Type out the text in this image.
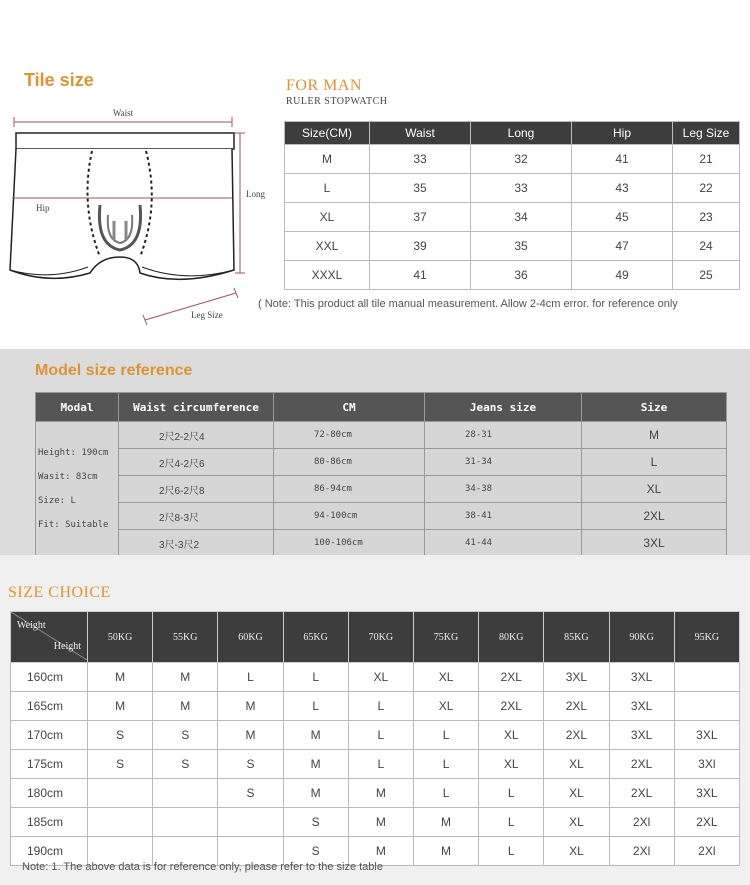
Tile size
Waist
Long
Hip
Leg Size
FOR MAN
RULER STOPWATCH
Size(CM)	Waist	Long	Hip	Leg Size
M	33	32	41	21
L	35	33	43	22
XL	37	34	45	23
XXL	39	35	47	24
XXXL	41	36	49	25
( Note: This product all tile manual measurement. Allow 2-4cm error. for reference only
Model size reference
Modal	Waist circumference	CM	Jeans size	Size

Height: 190cm
Wasit: 83cm
Size: L
Fit: Suitable	2尺2-2尺4	72-80cm	28-31	M
	2尺4-2尺6	80-86cm	31-34	L
	2尺6-2尺8	86-94cm	34-38	XL
	2尺8-3尺	94-100cm	38-41	2XL
	3尺-3尺2	100-106cm	41-44	3XL
SIZE CHOICE
Weight
Height	50KG	55KG	60KG	65KG	70KG	75KG	80KG	85KG	90KG	95KG
160cm	M	M	L	L	XL	XL	2XL	3XL	3XL	
165cm	M	M	M	L	L	XL	2XL	2XL	3XL	
170cm	S	S	M	M	L	L	XL	2XL	3XL	3XL
175cm	S	S	S	M	L	L	XL	XL	2XL	3Xl
180cm			S	M	M	L	L	XL	2XL	3XL
185cm				S	M	M	L	XL	2Xl	2XL
190cm				S	M	M	L	XL	2Xl	2Xl
Note: 1. The above data is for reference only, please refer to the size table
